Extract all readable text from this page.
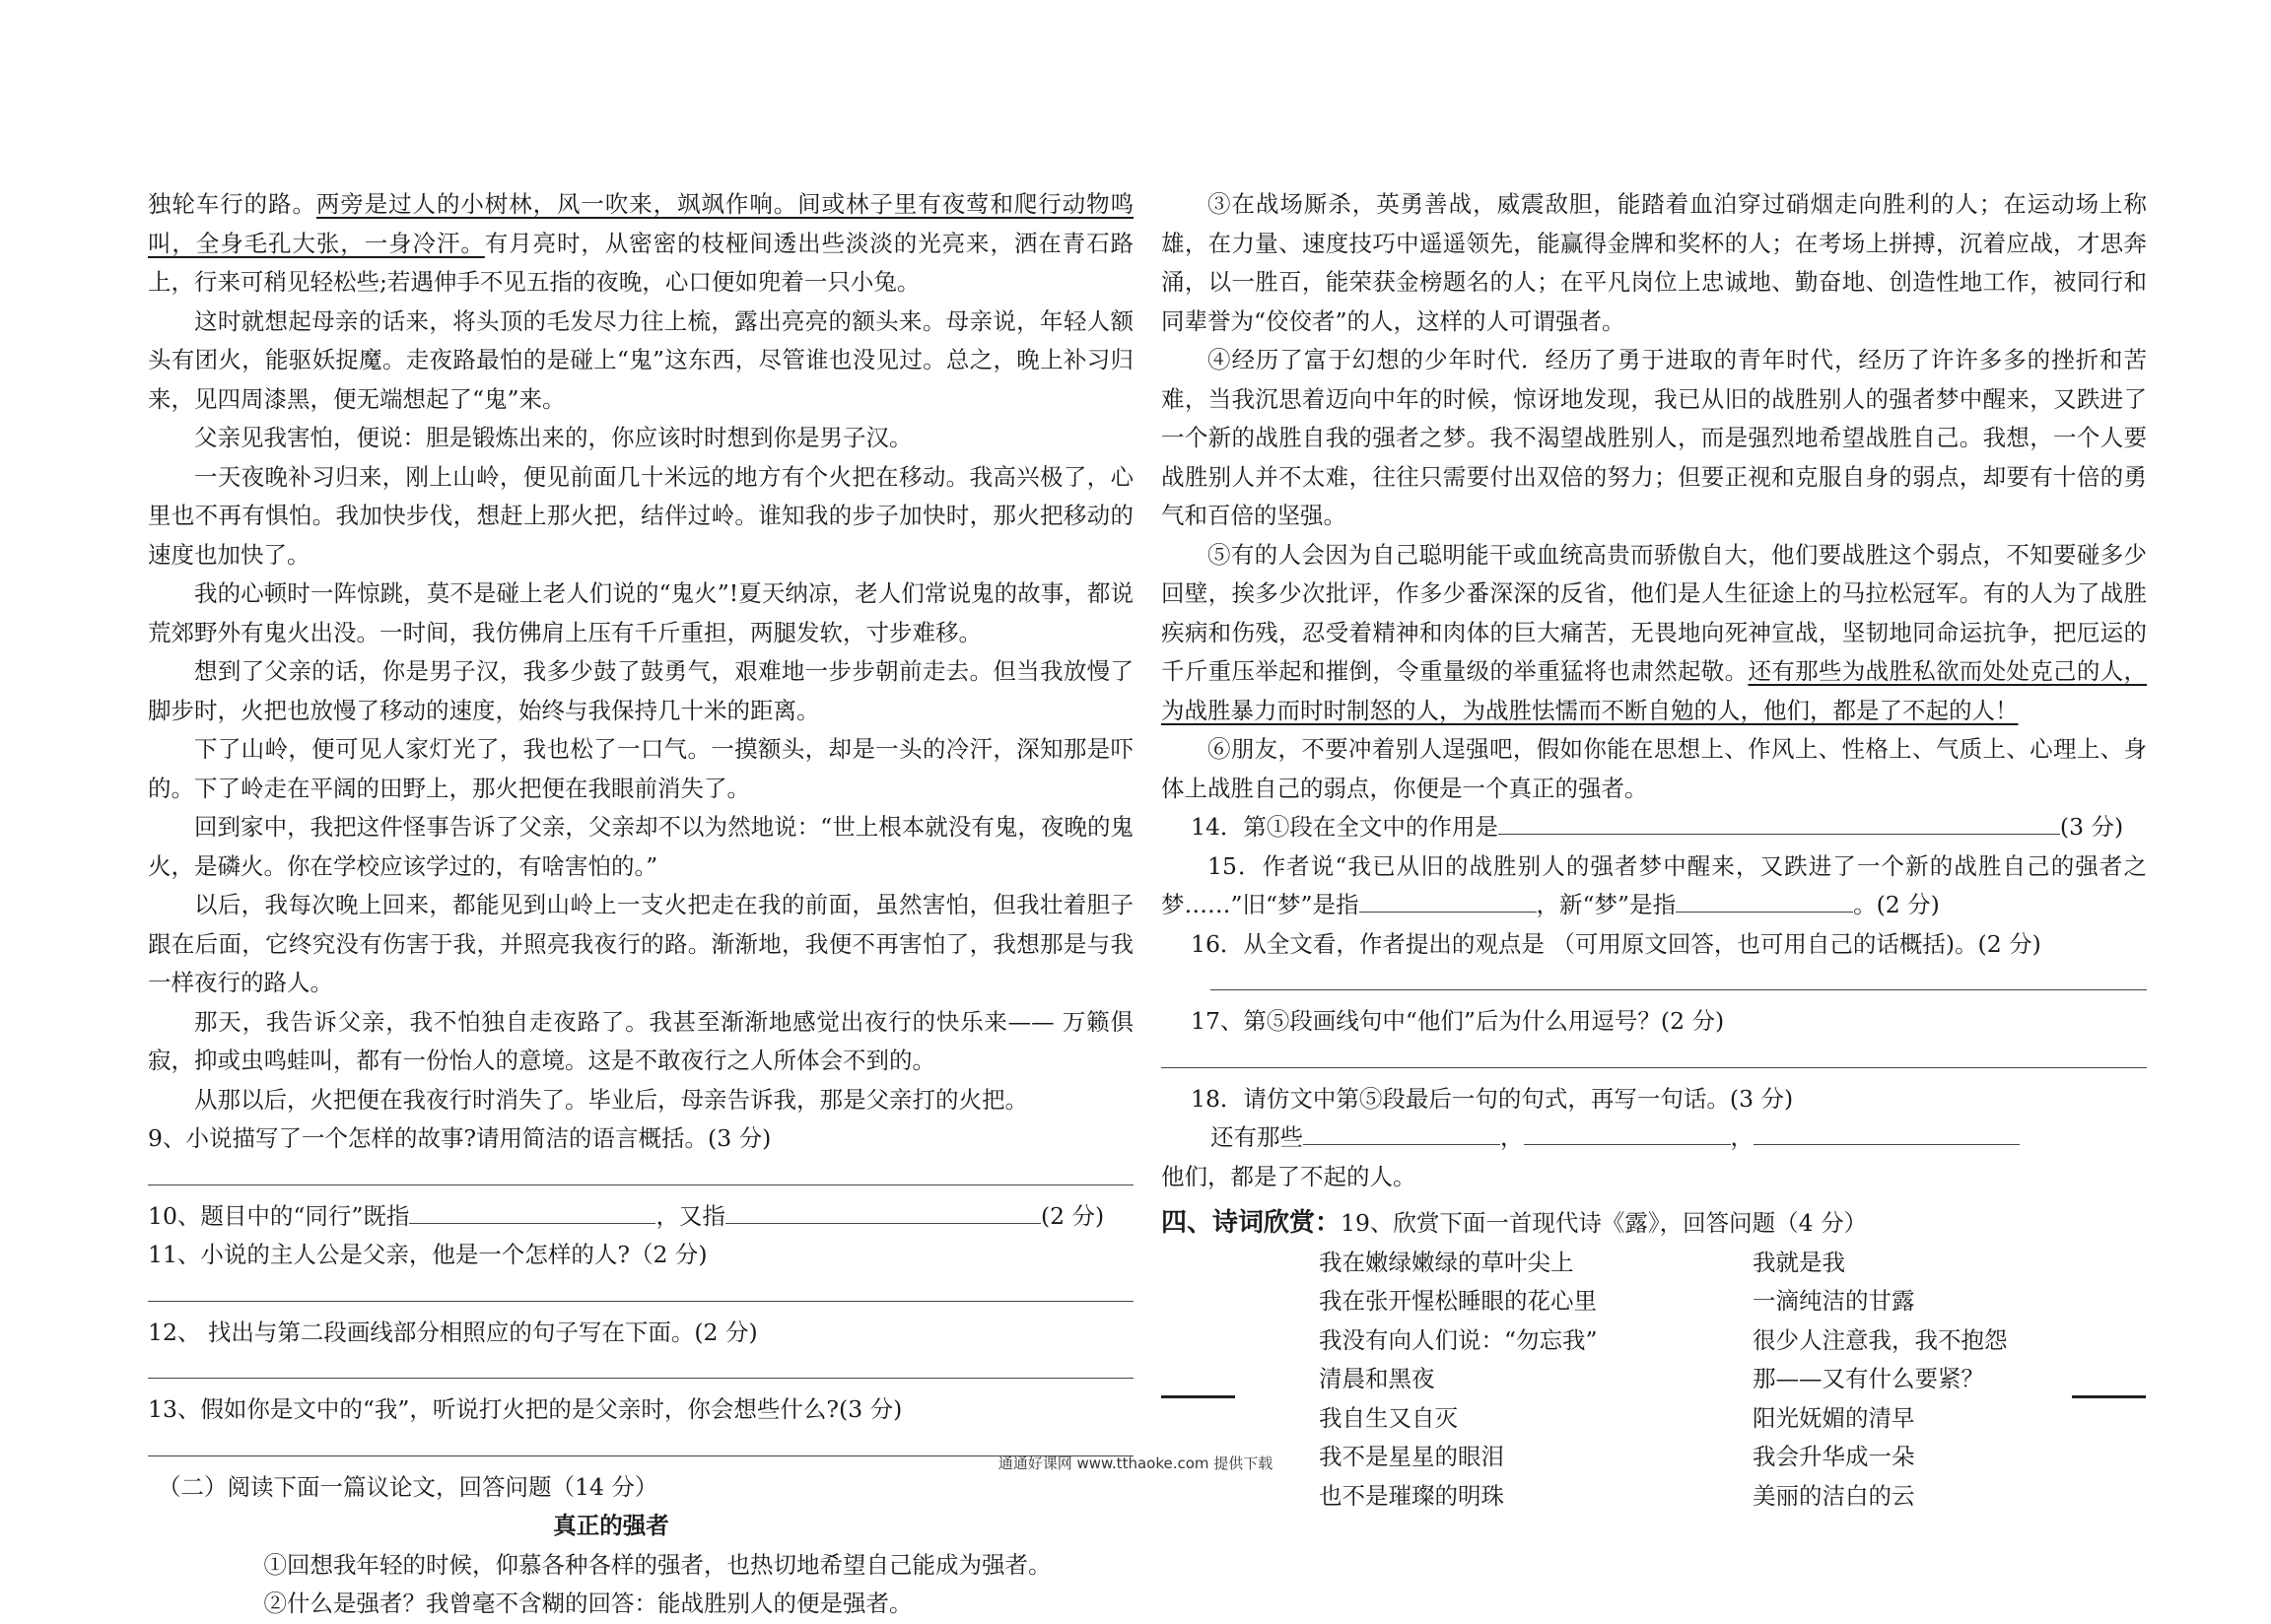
独轮车行的路。两旁是过人的小树林，风一吹来，飒飒作响。间或林子里有夜莺和爬行动物鸣叫，全身毛孔大张，一身冷汗。有月亮时，从密密的枝桠间透出些淡淡的光亮来，洒在青石路上，行来可稍见轻松些;若遇伸手不见五指的夜晚，心口便如兜着一只小兔。

这时就想起母亲的话来，将头顶的毛发尽力往上梳，露出亮亮的额头来。母亲说，年轻人额头有团火，能驱妖捉魔。走夜路最怕的是碰上“鬼”这东西，尽管谁也没见过。总之，晚上补习归来，见四周漆黑，便无端想起了“鬼”来。

父亲见我害怕，便说：胆是锻炼出来的，你应该时时想到你是男子汉。

一天夜晚补习归来，刚上山岭，便见前面几十米远的地方有个火把在移动。我高兴极了，心里也不再有惧怕。我加快步伐，想赶上那火把，结伴过岭。谁知我的步子加快时，那火把移动的速度也加快了。

我的心顿时一阵惊跳，莫不是碰上老人们说的“鬼火”!夏天纳凉，老人们常说鬼的故事，都说荒郊野外有鬼火出没。一时间，我仿佛肩上压有千斤重担，两腿发软，寸步难移。

想到了父亲的话，你是男子汉，我多少鼓了鼓勇气，艰难地一步步朝前走去。但当我放慢了脚步时，火把也放慢了移动的速度，始终与我保持几十米的距离。

下了山岭，便可见人家灯光了，我也松了一口气。一摸额头，却是一头的冷汗，深知那是吓的。下了岭走在平阔的田野上，那火把便在我眼前消失了。

回到家中，我把这件怪事告诉了父亲，父亲却不以为然地说：“世上根本就没有鬼，夜晚的鬼火，是磷火。你在学校应该学过的，有啥害怕的。”

以后，我每次晚上回来，都能见到山岭上一支火把走在我的前面，虽然害怕，但我壮着胆子跟在后面，它终究没有伤害于我，并照亮我夜行的路。渐渐地，我便不再害怕了，我想那是与我一样夜行的路人。

那天，我告诉父亲，我不怕独自走夜路了。我甚至渐渐地感觉出夜行的快乐来—— 万籁俱寂，抑或虫鸣蛙叫，都有一份怡人的意境。这是不敢夜行之人所体会不到的。

从那以后，火把便在我夜行时消失了。毕业后，母亲告诉我，那是父亲打的火把。

9、小说描写了一个怎样的故事?请用简洁的语言概括。(3 分)

10、题目中的“同行”既指	，又指	(2 分)

11、小说的主人公是父亲，他是一个怎样的人?（2 分)

12、 找出与第二段画线部分相照应的句子写在下面。(2 分)

13、假如你是文中的“我”，听说打火把的是父亲时，你会想些什么?(3 分)

（二）阅读下面一篇议论文，回答问题（14 分）

真正的强者

①回想我年轻的时候，仰慕各种各样的强者，也热切地希望自己能成为强者。

②什么是强者？我曾毫不含糊的回答：能战胜别人的便是强者。

③在战场厮杀，英勇善战，威震敌胆，能踏着血泊穿过硝烟走向胜利的人；在运动场上称雄，在力量、速度技巧中遥遥领先，能赢得金牌和奖杯的人；在考场上拼搏，沉着应战，才思奔涌，以一胜百，能荣获金榜题名的人；在平凡岗位上忠诚地、勤奋地、创造性地工作，被同行和同辈誉为“佼佼者”的人，这样的人可谓强者。

④经历了富于幻想的少年时代．经历了勇于进取的青年时代，经历了许许多多的挫折和苦难，当我沉思着迈向中年的时候，惊讶地发现，我已从旧的战胜别人的强者梦中醒来，又跌进了一个新的战胜自我的强者之梦。我不渴望战胜别人，而是强烈地希望战胜自己。我想，一个人要战胜别人并不太难，往往只需要付出双倍的努力；但要正视和克服自身的弱点，却要有十倍的勇气和百倍的坚强。

⑤有的人会因为自己聪明能干或血统高贵而骄傲自大，他们要战胜这个弱点，不知要碰多少回壁，挨多少次批评，作多少番深深的反省，他们是人生征途上的马拉松冠军。有的人为了战胜疾病和伤残，忍受着精神和肉体的巨大痛苦，无畏地向死神宣战，坚韧地同命运抗争，把厄运的千斤重压举起和摧倒，令重量级的举重猛将也肃然起敬。还有那些为战胜私欲而处处克己的人，为战胜暴力而时时制怒的人，为战胜怯懦而不断自勉的人，他们，都是了不起的人！

⑥朋友，不要冲着别人逞强吧，假如你能在思想上、作风上、性格上、气质上、心理上、身体上战胜自己的弱点，你便是一个真正的强者。

14．第①段在全文中的作用是	(3 分)

15．作者说“我已从旧的战胜别人的强者梦中醒来，又跌进了一个新的战胜自己的强者之梦……”旧“梦”是指	，新“梦”是指	。(2 分)

16．从全文看，作者提出的观点是 （可用原文回答，也可用自己的话概括)。(2 分)

17、第⑤段画线句中“他们”后为什么用逗号？(2 分)

18．请仿文中第⑤段最后一句的句式，再写一句话。(3 分)

还有那些	，	，

他们，都是了不起的人。

四、诗词欣赏：19、欣赏下面一首现代诗《露》，回答问题（4 分）

我在嫩绿嫩绿的草叶尖上
我在张开惺松睡眼的花心里
我没有向人们说：“勿忘我”
清晨和黑夜
我自生又自灭
我不是星星的眼泪
也不是璀璨的明珠
我就是我
一滴纯洁的甘露
很少人注意我，我不抱怨
那——又有什么要紧？
阳光妩媚的清早
我会升华成一朵
美丽的洁白的云
通通好课网 www.tthaoke.com 提供下载
